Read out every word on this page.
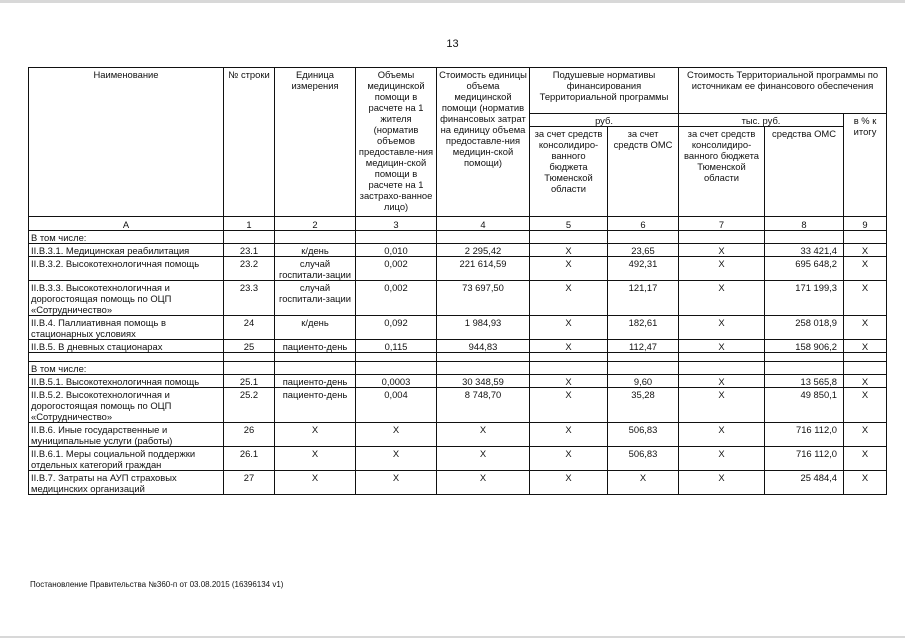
13
Наименование	№ строки	Единица измерения	Объемы медицинской помощи в расчете на 1 жителя (норматив объемов предоставле-ния медицин-ской помощи в расчете на 1 застрахо-ванное лицо)	Стоимость единицы объема медицинской помощи (норматив финансовых затрат на единицу объема предоставле-ния медицин-ской помощи)	Подушевые нормативы финансирования Территориальной программы		Стоимость Территориальной программы по источникам ее финансового обеспечения		
					руб.		тыс. руб.		в % к итогу
					за счет средств консолидиро-ванного бюджета Тюменской области	за счет средств ОМС	за счет средств консолидиро-ванного бюджета Тюменской области	средства ОМС	
А	1	2	3	4	5	6	7	8	9
В том числе:									
II.В.3.1. Медицинская реабилитация	23.1	к/день	0,010	2 295,42	Х	23,65	Х	33 421,4	Х
II.В.3.2. Высокотехнологичная помощь	23.2	случай госпитали-зации	0,002	221 614,59	Х	492,31	Х	695 648,2	Х
II.В.3.3. Высокотехнологичная и дорогостоящая помощь по ОЦП «Сотрудничество»	23.3	случай госпитали-зации	0,002	73 697,50	Х	121,17	Х	171 199,3	Х
II.В.4. Паллиативная помощь в стационарных условиях	24	к/день	0,092	1 984,93	Х	182,61	Х	258 018,9	Х
II.В.5. В дневных стационарах	25	пациенто-день	0,115	944,83	Х	112,47	Х	158 906,2	Х

В том числе:									
II.В.5.1. Высокотехнологичная помощь	25.1	пациенто-день	0,0003	30 348,59	Х	9,60	Х	13 565,8	Х
II.В.5.2. Высокотехнологичная и дорогостоящая помощь по ОЦП «Сотрудничество»	25.2	пациенто-день	0,004	8 748,70	Х	35,28	Х	49 850,1	Х
II.В.6. Иные государственные и муниципальные услуги (работы)	26	Х	Х	Х	Х	506,83	Х	716 112,0	Х
II.В.6.1. Меры социальной поддержки отдельных категорий граждан	26.1	Х	Х	Х	Х	506,83	Х	716 112,0	Х
II.В.7. Затраты на АУП страховых медицинских организаций	27	Х	Х	Х	Х	Х	Х	25 484,4	Х
Постановление Правительства №360-п от 03.08.2015 (16396134 v1)
